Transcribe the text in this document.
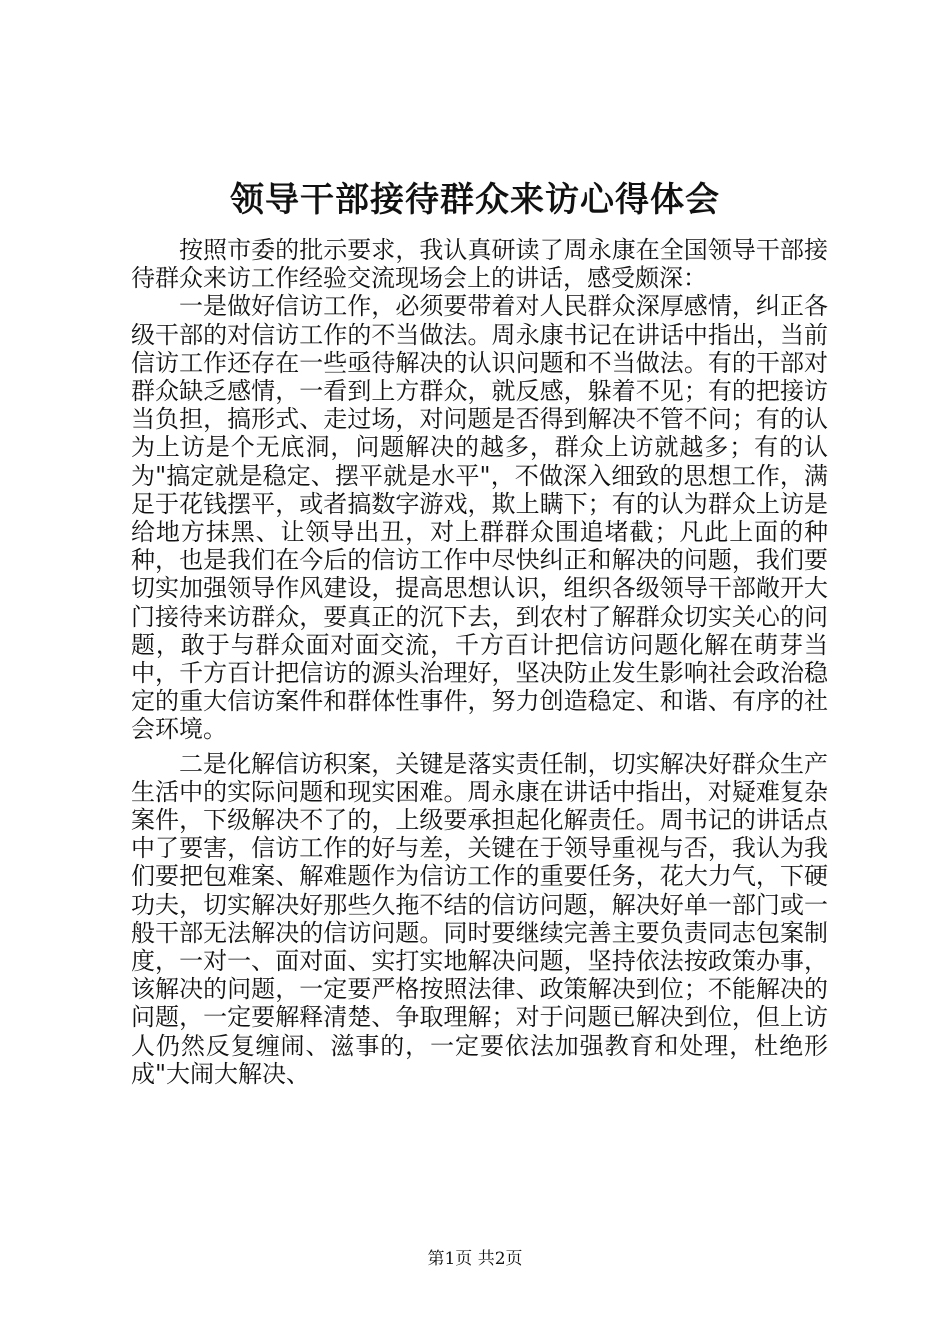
领导干部接待群众来访心得体会

按照市委的批示要求，我认真研读了周永康在全国领导干部接待群众来访工作经验交流现场会上的讲话，感受颇深：

一是做好信访工作，必须要带着对人民群众深厚感情，纠正各级干部的对信访工作的不当做法。周永康书记在讲话中指出，当前信访工作还存在一些亟待解决的认识问题和不当做法。有的干部对群众缺乏感情，一看到上方群众，就反感，躲着不见；有的把接访当负担，搞形式、走过场，对问题是否得到解决不管不问；有的认为上访是个无底洞，问题解决的越多，群众上访就越多；有的认为"搞定就是稳定、摆平就是水平"，不做深入细致的思想工作，满足于花钱摆平，或者搞数字游戏，欺上瞒下；有的认为群众上访是给地方抹黑、让领导出丑，对上群群众围追堵截；凡此上面的种种，也是我们在今后的信访工作中尽快纠正和解决的问题，我们要切实加强领导作风建设，提高思想认识，组织各级领导干部敞开大门接待来访群众，要真正的沉下去，到农村了解群众切实关心的问题，敢于与群众面对面交流，千方百计把信访问题化解在萌芽当中，千方百计把信访的源头治理好，坚决防止发生影响社会政治稳定的重大信访案件和群体性事件，努力创造稳定、和谐、有序的社会环境。

二是化解信访积案，关键是落实责任制，切实解决好群众生产生活中的实际问题和现实困难。周永康在讲话中指出，对疑难复杂案件，下级解决不了的，上级要承担起化解责任。周书记的讲话点中了要害，信访工作的好与差，关键在于领导重视与否，我认为我们要把包难案、解难题作为信访工作的重要任务，花大力气，下硬功夫，切实解决好那些久拖不结的信访问题，解决好单一部门或一般干部无法解决的信访问题。同时要继续完善主要负责同志包案制度，一对一、面对面、实打实地解决问题，坚持依法按政策办事，该解决的问题，一定要严格按照法律、政策解决到位；不能解决的问题，一定要解释清楚、争取理解；对于问题已解决到位，但上访人仍然反复缠闹、滋事的，一定要依法加强教育和处理，杜绝形成"大闹大解决、

第1页 共2页
